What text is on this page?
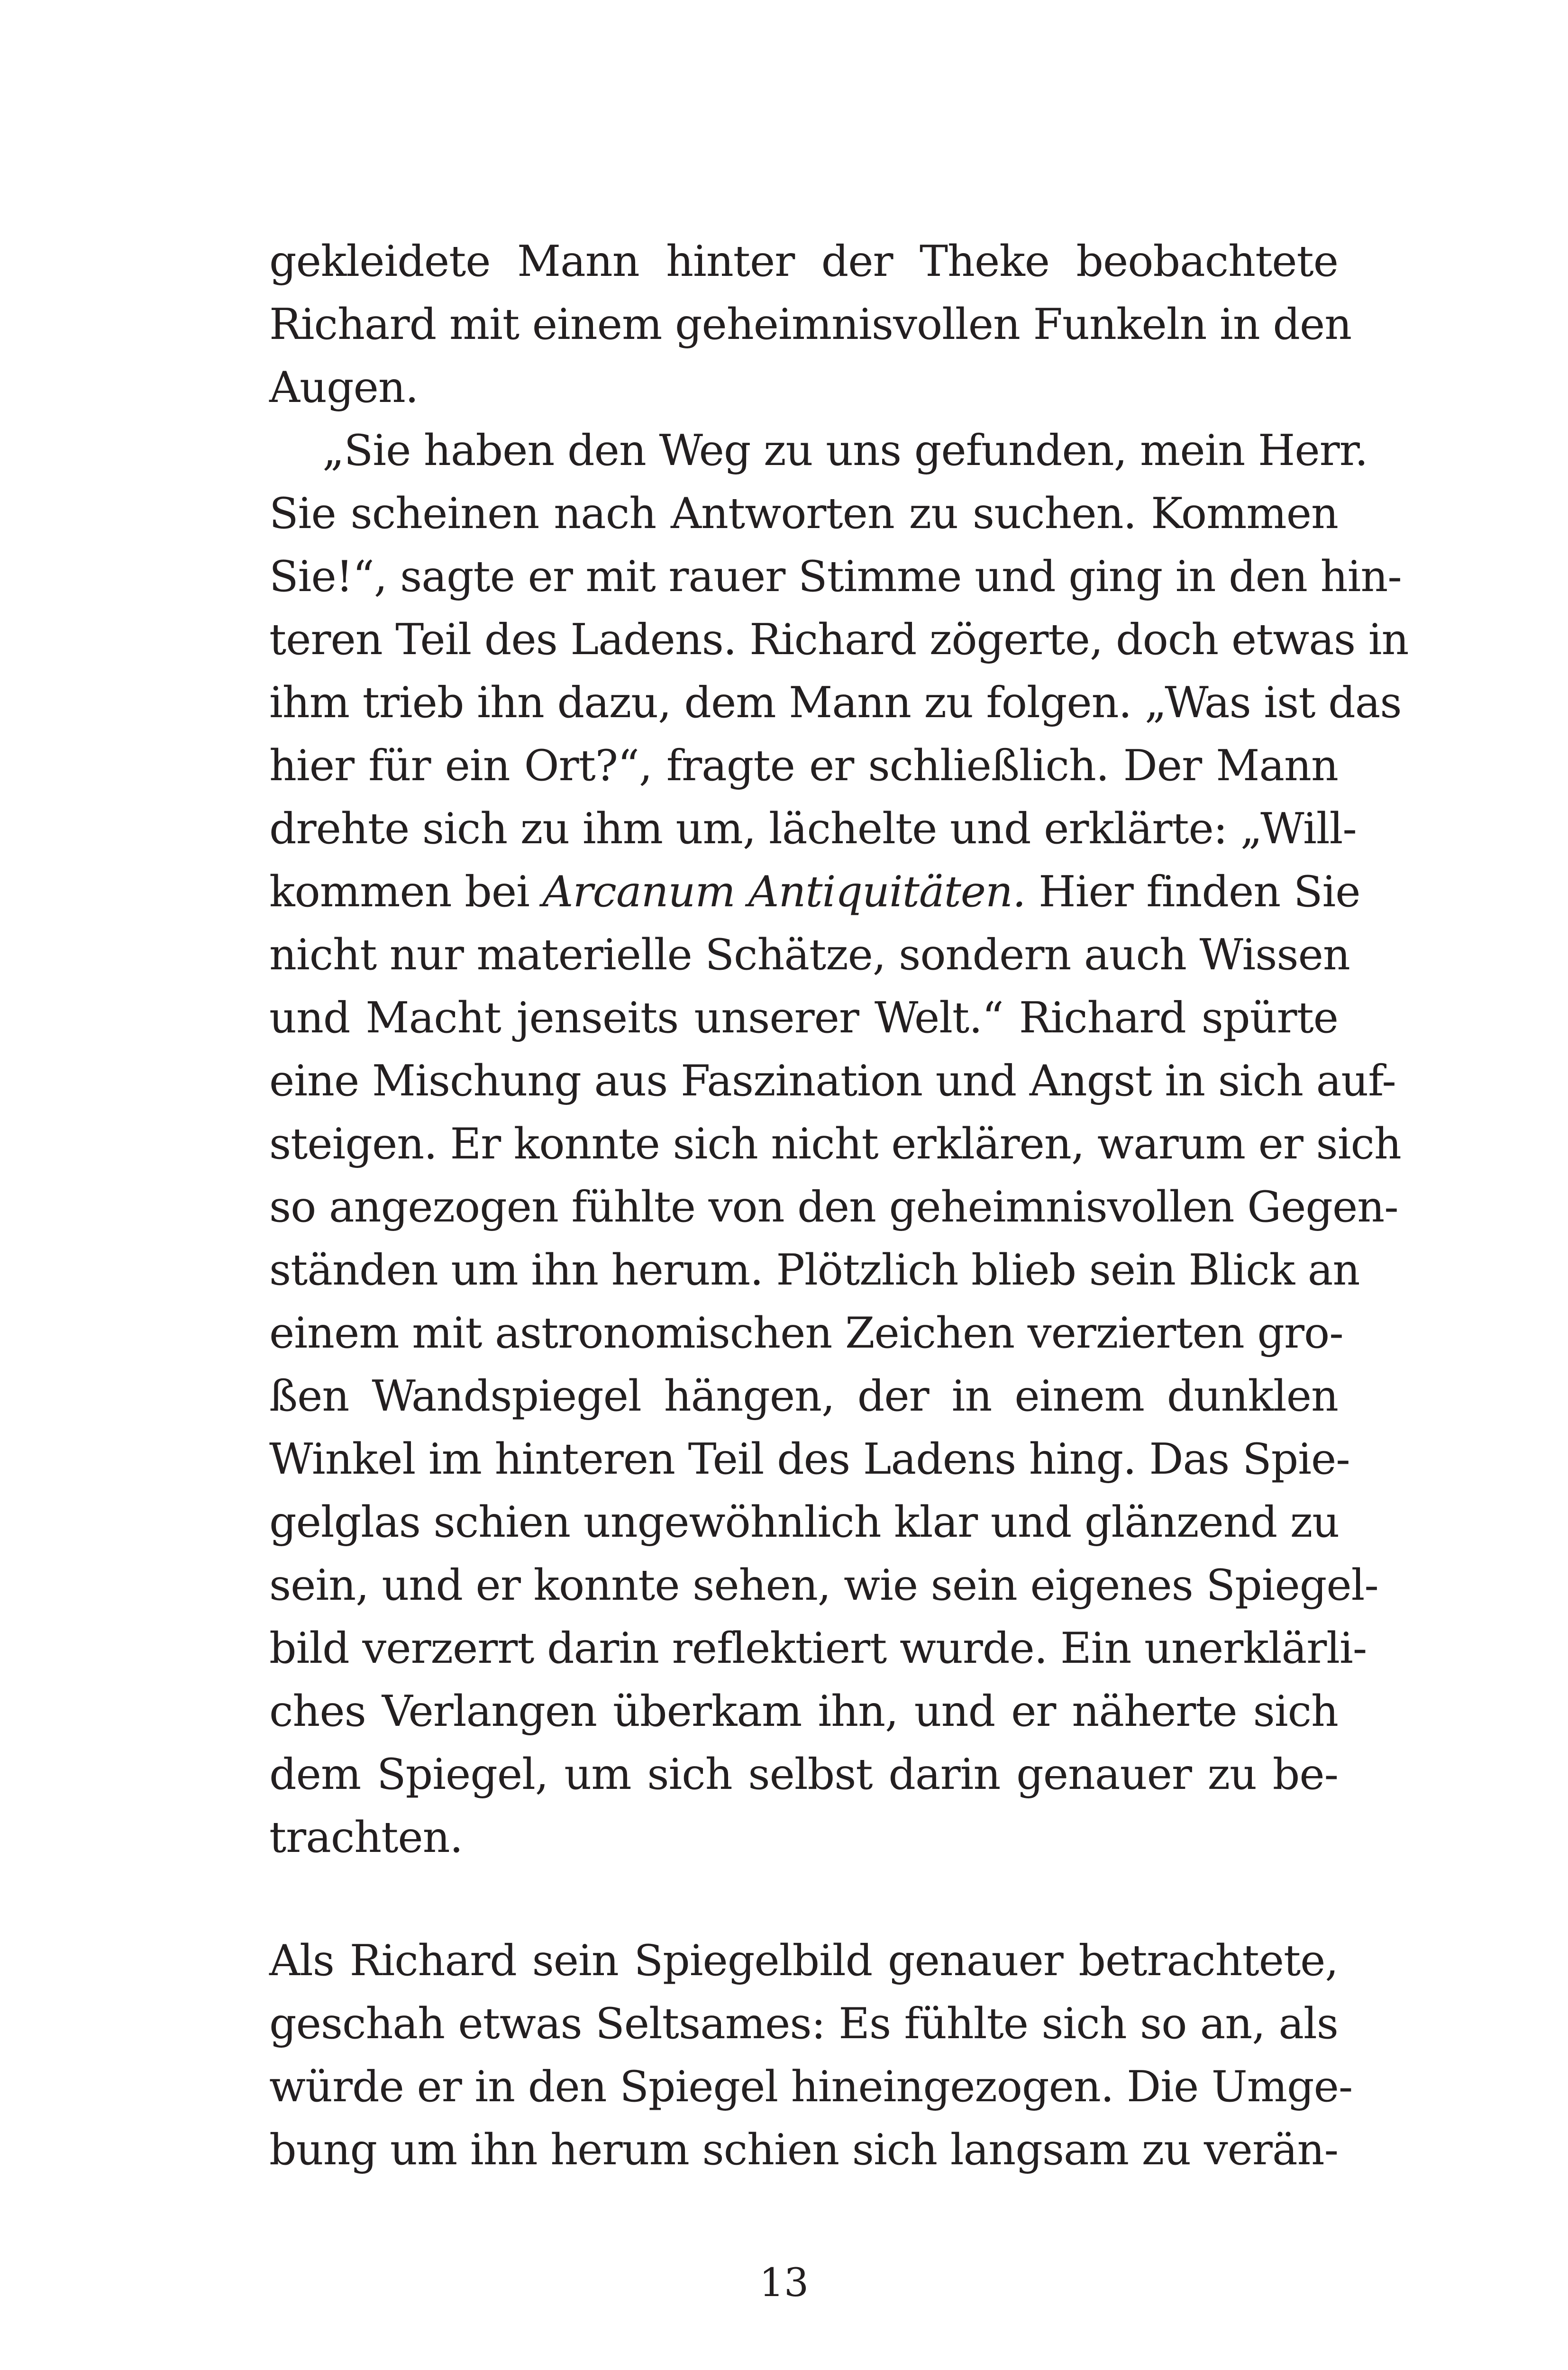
gekleidete Mann hinter der Theke beobachtete
Richard mit einem geheimnisvollen Funkeln in den
Augen.
„Sie haben den Weg zu uns gefunden, mein Herr.
Sie scheinen nach Antworten zu suchen. Kommen
Sie!“, sagte er mit rauer Stimme und ging in den hin-
teren Teil des Ladens. Richard zögerte, doch etwas in
ihm trieb ihn dazu, dem Mann zu folgen. „Was ist das
hier für ein Ort?“, fragte er schließlich. Der Mann
drehte sich zu ihm um, lächelte und erklärte: „Will-
kommen bei Arcanum Antiquitäten. Hier finden Sie
nicht nur materielle Schätze, sondern auch Wissen
und Macht jenseits unserer Welt.“ Richard spürte
eine Mischung aus Faszination und Angst in sich auf-
steigen. Er konnte sich nicht erklären, warum er sich
so angezogen fühlte von den geheimnisvollen Gegen-
ständen um ihn herum. Plötzlich blieb sein Blick an
einem mit astronomischen Zeichen verzierten gro-
ßen Wandspiegel hängen, der in einem dunklen
Winkel im hinteren Teil des Ladens hing. Das Spie-
gelglas schien ungewöhnlich klar und glänzend zu
sein, und er konnte sehen, wie sein eigenes Spiegel-
bild verzerrt darin reflektiert wurde. Ein unerklärli-
ches Verlangen überkam ihn, und er näherte sich
dem Spiegel, um sich selbst darin genauer zu be-
trachten.
Als Richard sein Spiegelbild genauer betrachtete,
geschah etwas Seltsames: Es fühlte sich so an, als
würde er in den Spiegel hineingezogen. Die Umge-
bung um ihn herum schien sich langsam zu verän-
13
